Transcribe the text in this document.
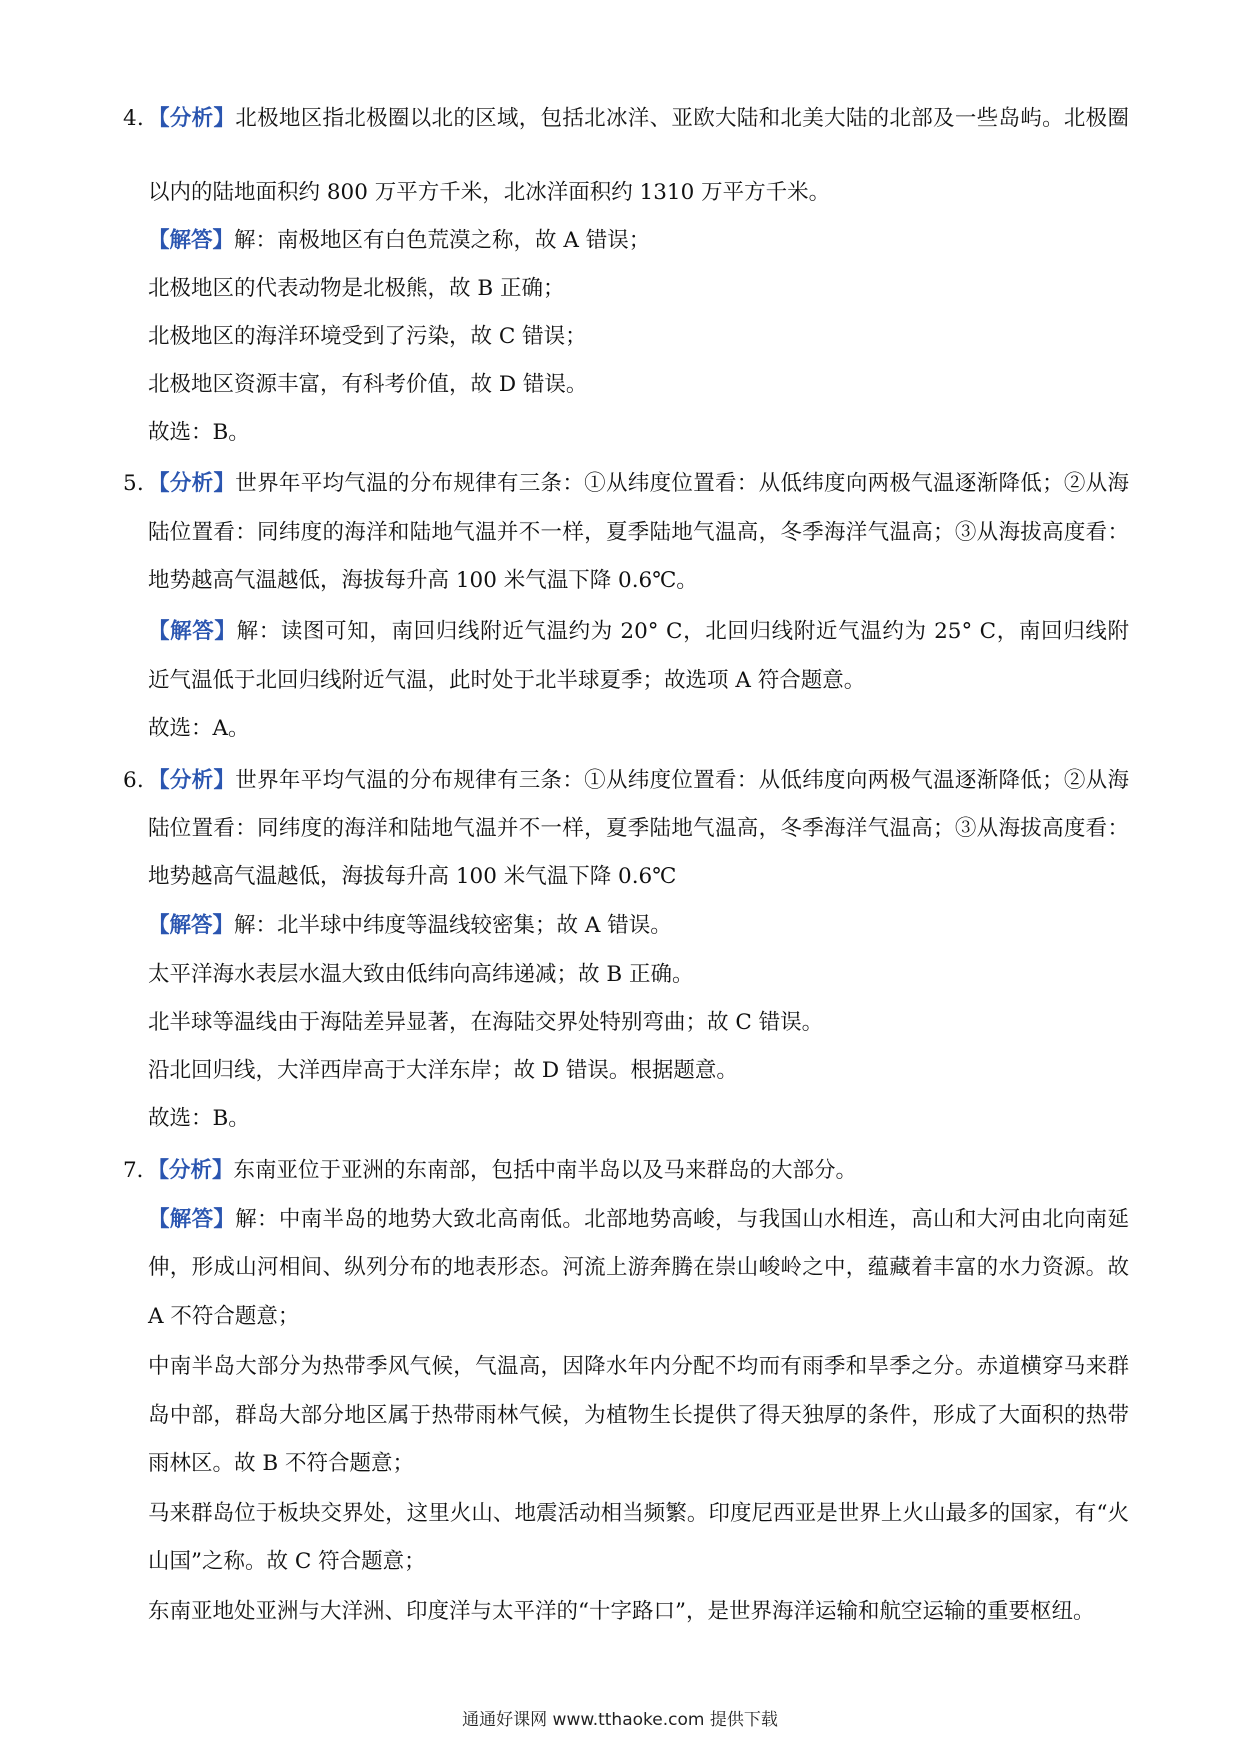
4．【分析】北极地区指北极圈以北的区域，包括北冰洋、亚欧大陆和北美大陆的北部及一些岛屿。北极圈
以内的陆地面积约 800 万平方千米，北冰洋面积约 1310 万平方千米。
【解答】解：南极地区有白色荒漠之称，故 A 错误；
北极地区的代表动物是北极熊，故 B 正确；
北极地区的海洋环境受到了污染，故 C 错误；
北极地区资源丰富，有科考价值，故 D 错误。
故选：B。
5．【分析】世界年平均气温的分布规律有三条：①从纬度位置看：从低纬度向两极气温逐渐降低；②从海
陆位置看：同纬度的海洋和陆地气温并不一样，夏季陆地气温高，冬季海洋气温高；③从海拔高度看：
地势越高气温越低，海拔每升高 100 米气温下降 0.6℃。
【解答】解：读图可知，南回归线附近气温约为 20° C，北回归线附近气温约为 25° C，南回归线附
近气温低于北回归线附近气温，此时处于北半球夏季；故选项 A 符合题意。
故选：A。
6．【分析】世界年平均气温的分布规律有三条：①从纬度位置看：从低纬度向两极气温逐渐降低；②从海
陆位置看：同纬度的海洋和陆地气温并不一样，夏季陆地气温高，冬季海洋气温高；③从海拔高度看：
地势越高气温越低，海拔每升高 100 米气温下降 0.6℃
【解答】解：北半球中纬度等温线较密集；故 A 错误。
太平洋海水表层水温大致由低纬向高纬递减；故 B 正确。
北半球等温线由于海陆差异显著，在海陆交界处特别弯曲；故 C 错误。
沿北回归线，大洋西岸高于大洋东岸；故 D 错误。根据题意。
故选：B。
7．【分析】东南亚位于亚洲的东南部，包括中南半岛以及马来群岛的大部分。
【解答】解：中南半岛的地势大致北高南低。北部地势高峻，与我国山水相连，高山和大河由北向南延
伸，形成山河相间、纵列分布的地表形态。河流上游奔腾在崇山峻岭之中，蕴藏着丰富的水力资源。故
A 不符合题意；
中南半岛大部分为热带季风气候，气温高，因降水年内分配不均而有雨季和旱季之分。赤道横穿马来群
岛中部，群岛大部分地区属于热带雨林气候，为植物生长提供了得天独厚的条件，形成了大面积的热带
雨林区。故 B 不符合题意；
马来群岛位于板块交界处，这里火山、地震活动相当频繁。印度尼西亚是世界上火山最多的国家，有“火
山国”之称。故 C 符合题意；
东南亚地处亚洲与大洋洲、印度洋与太平洋的“十字路口”，是世界海洋运输和航空运输的重要枢纽。
通通好课网 www.tthaoke.com 提供下载
